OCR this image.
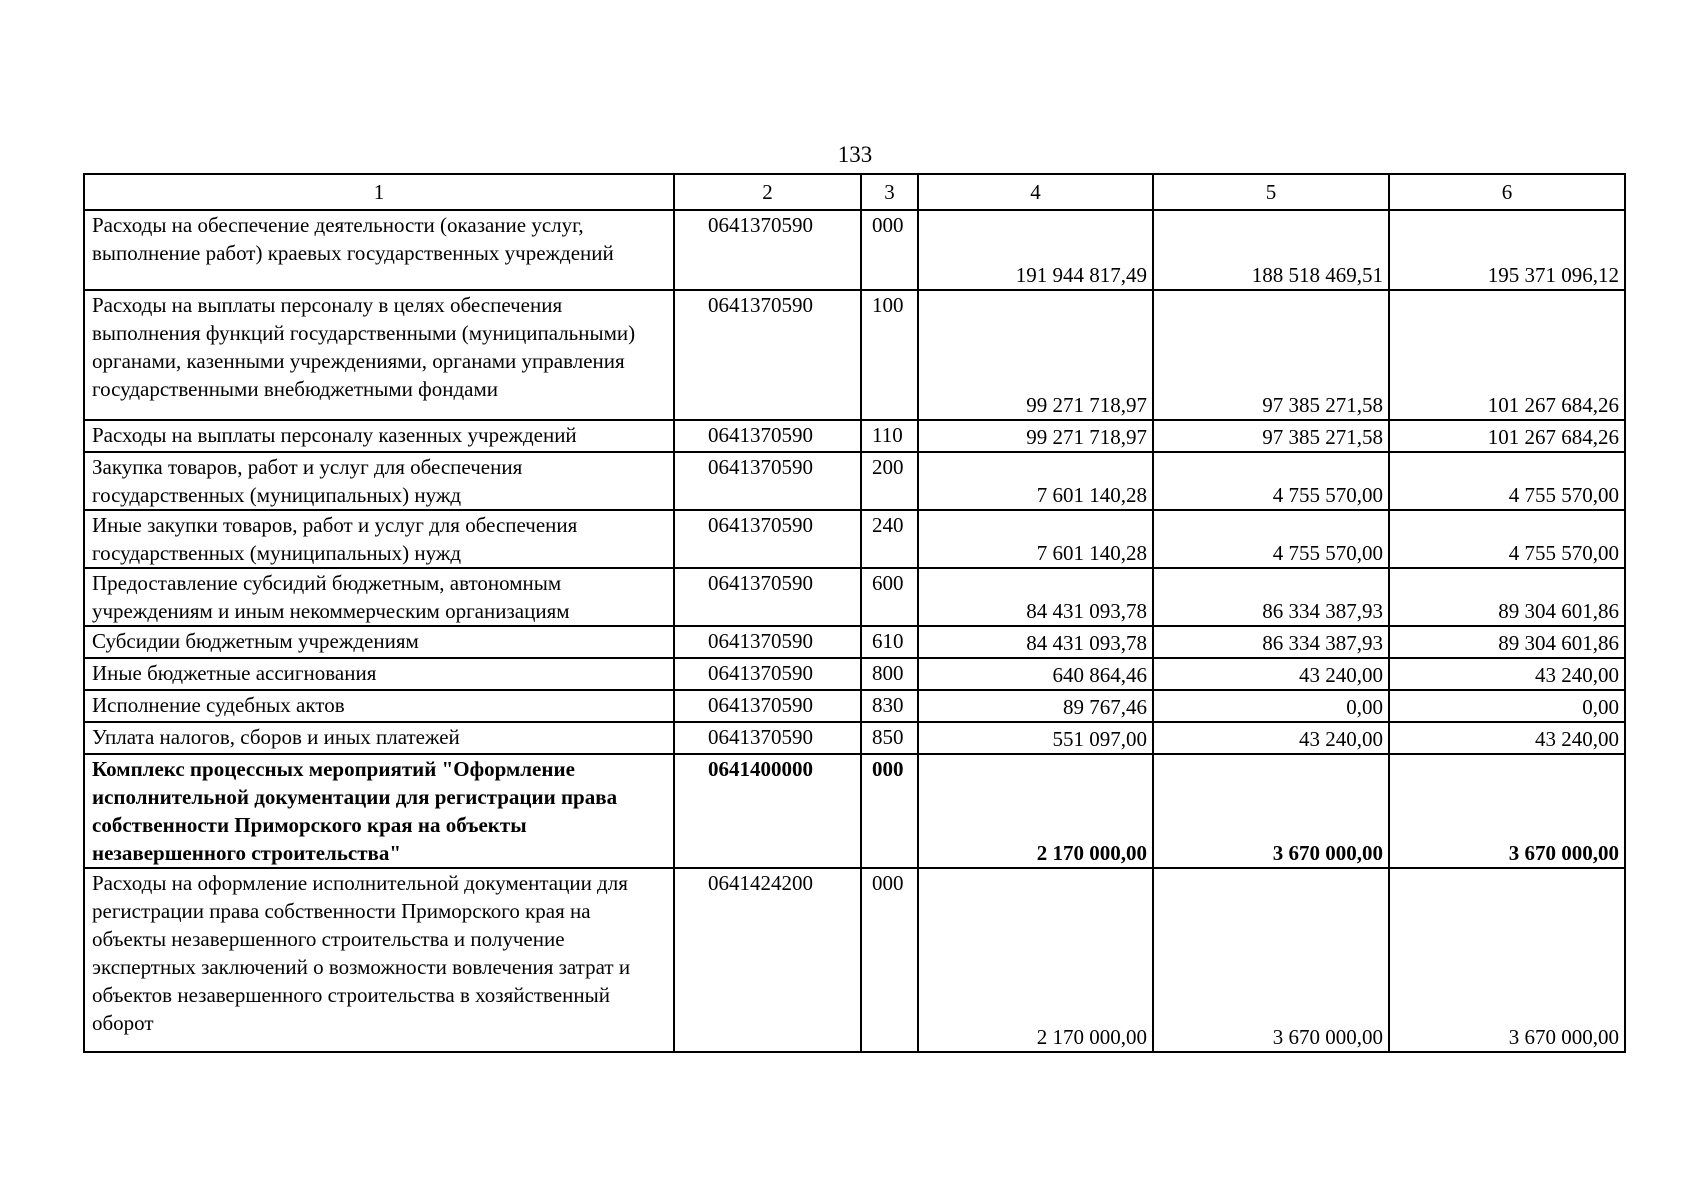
133
1	2	3	4	5	6
Расходы на обеспечение деятельности (оказание услуг, выполнение работ) краевых государственных учреждений	0641370590	000	191 944 817,49	188 518 469,51	195 371 096,12
Расходы на выплаты персоналу в целях обеспечения выполнения функций государственными (муниципальными) органами, казенными учреждениями, органами управления государственными внебюджетными фондами	0641370590	100	99 271 718,97	97 385 271,58	101 267 684,26
Расходы на выплаты персоналу казенных учреждений	0641370590	110	99 271 718,97	97 385 271,58	101 267 684,26
Закупка товаров, работ и услуг для обеспечения государственных (муниципальных) нужд	0641370590	200	7 601 140,28	4 755 570,00	4 755 570,00
Иные закупки товаров, работ и услуг для обеспечения государственных (муниципальных) нужд	0641370590	240	7 601 140,28	4 755 570,00	4 755 570,00
Предоставление субсидий бюджетным, автономным учреждениям и иным некоммерческим организациям	0641370590	600	84 431 093,78	86 334 387,93	89 304 601,86
Субсидии бюджетным учреждениям	0641370590	610	84 431 093,78	86 334 387,93	89 304 601,86
Иные бюджетные ассигнования	0641370590	800	640 864,46	43 240,00	43 240,00
Исполнение судебных актов	0641370590	830	89 767,46	0,00	0,00
Уплата налогов, сборов и иных платежей	0641370590	850	551 097,00	43 240,00	43 240,00
Комплекс процессных мероприятий "Оформление исполнительной документации для регистрации права собственности Приморского края на объекты незавершенного строительства"	0641400000	000	2 170 000,00	3 670 000,00	3 670 000,00
Расходы на оформление исполнительной документации для регистрации права собственности Приморского края на объекты незавершенного строительства и получение экспертных заключений о возможности вовлечения затрат и объектов незавершенного строительства в хозяйственный оборот	0641424200	000	2 170 000,00	3 670 000,00	3 670 000,00
